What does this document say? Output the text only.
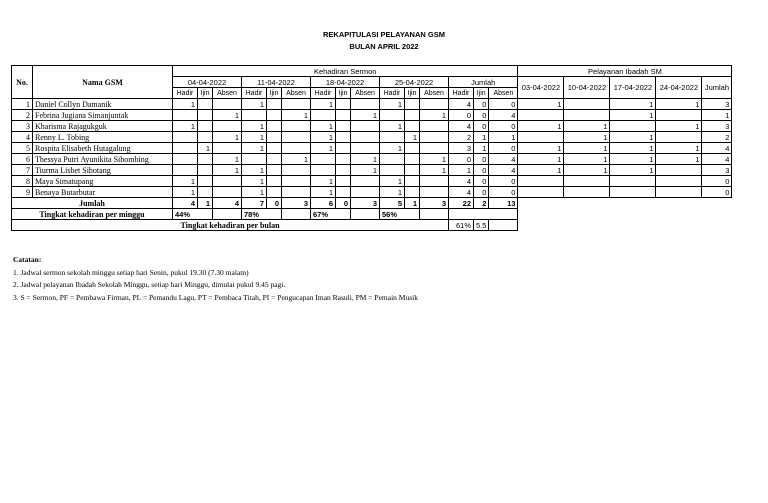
REKAPITULASI PELAYANAN GSM
BULAN APRIL 2022
No.	Nama GSM	Kehadiran Sermon															Pelayanan Ibadah SM				
		04-04-2022			11-04-2022			18-04-2022			25-04-2022			Jumlah			03-04-2022	10-04-2022	17-04-2022	24-04-2022	Jumlah
		Hadir	Ijin	Absen	Hadir	Ijin	Absen	Hadir	Ijin	Absen	Hadir	Ijin	Absen	Hadir	Ijin	Absen					
1	Daniel Collyn Damanik	1			1			1			1			4	0	0	1		1	1	3
2	Febrina Jugiana Simanjuntak			1			1			1			1	0	0	4			1		1
3	Kharisma Rajagukguk	1			1			1			1			4	0	0	1	1		1	3
4	Renny L. Tobing			1	1			1				1		2	1	1		1	1		2
5	Rospita Elisabeth Hutagalung		1		1			1			1			3	1	0	1	1	1	1	4
6	Thessya Putri Ayunikita Sihombing			1			1			1			1	0	0	4	1	1	1	1	4
7	Tiurma Lisbet Sihotang			1	1					1			1	1	0	4	1	1	1		3
8	Maya Simatupang	1			1			1			1			4	0	0					0
9	Benaya Butarbutar	1			1			1			1			4	0	0					0
Jumlah		4	1	4	7	0	3	6	0	3	5	1	3	22	2	13					
Tingkat kehadiran per minggu		44%			78%			67%			56%										
Tingkat kehadiran per bulan														61%	5.5						
Catatan:
1. Jadwal sermon sekolah minggu setiap hari Senin, pukul 19.30 (7.30 malam)
2. Jadwal pelayanan Ibadah Sekolah Minggu, setiap hari Minggu, dimulai pukul 9.45 pagi.
3. S = Sermon, PF = Pembawa Firman, PL = Pemandu Lagu, PT = Pembaca Titah, PI = Pengucapan Iman Rasuli, PM = Pemain Musik
